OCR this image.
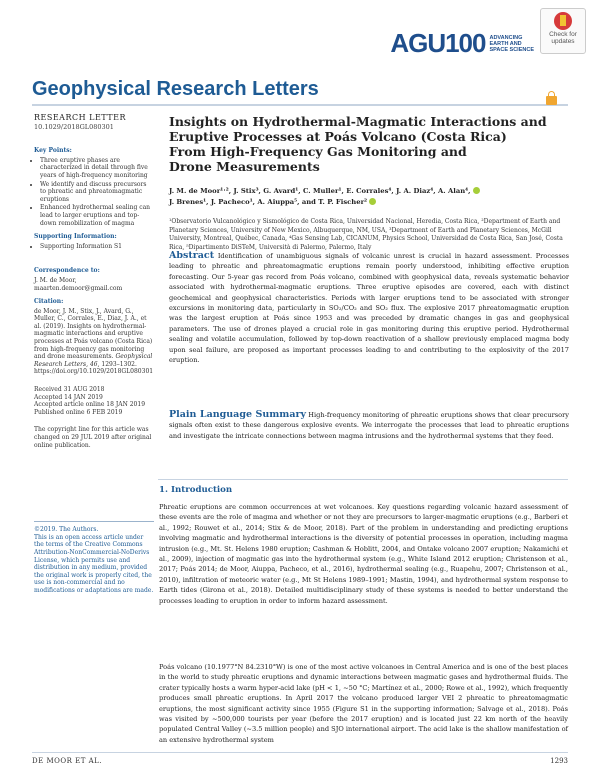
AGU100 ADVANCING
EARTH AND
SPACE SCIENCE
Check for
updates
Geophysical Research Letters
RESEARCH LETTER
10.1029/2018GL080301
Key Points:
• Three eruptive phases are characterized in detail through five years of high-frequency monitoring
• We identify and discuss precursors to phreatic and phreatomagmatic eruptions
• Enhanced hydrothermal sealing can lead to larger eruptions and top-down remobilization of magma
Supporting Information:
• Supporting Information S1
Correspondence to:
J. M. de Moor,
maarten.demoor@gmail.com
Citation:
de Moor, J. M., Stix, J., Avard, G., Muller, C., Corrales, E., Diaz, J. A., et al. (2019). Insights on hydrothermal-magmatic interactions and eruptive processes at Poás volcano (Costa Rica) from high-frequency gas monitoring and drone measurements. Geophysical Research Letters, 46, 1293–1302. https://doi.org/10.1029/2018GL080301
Received 31 AUG 2018
Accepted 14 JAN 2019
Accepted article online 18 JAN 2019
Published online 6 FEB 2019
The copyright line for this article was changed on 29 JUL 2019 after original online publication.
©2019. The Authors.
This is an open access article under the terms of the Creative Commons Attribution-NonCommercial-NoDerivs License, which permits use and distribution in any medium, provided the original work is properly cited, the use is non-commercial and no modifications or adaptations are made.
Insights on Hydrothermal-Magmatic Interactions and
Eruptive Processes at Poás Volcano (Costa Rica)
From High-Frequency Gas Monitoring and
Drone Measurements
J. M. de Moor¹˒², J. Stix³, G. Avard¹, C. Muller¹, E. Corrales⁴, J. A. Diaz⁴, A. Alan⁴,
J. Brenes¹, J. Pacheco¹, A. Aiuppa⁵, and T. P. Fischer²
¹Observatorio Vulcanológico y Sismológico de Costa Rica, Universidad Nacional, Heredia, Costa Rica, ²Department of Earth and Planetary Sciences, University of New Mexico, Albuquerque, NM, USA, ³Department of Earth and Planetary Sciences, McGill University, Montreal, Québec, Canada, ⁴Gas Sensing Lab, CICANUM, Physics School, Universidad de Costa Rica, San José, Costa Rica, ⁵Dipartimento DiSTeM, Università di Palermo, Palermo, Italy
Abstract Identification of unambiguous signals of volcanic unrest is crucial in hazard assessment. Processes leading to phreatic and phreatomagmatic eruptions remain poorly understood, inhibiting effective eruption forecasting. Our 5-year gas record from Poás volcano, combined with geophysical data, reveals systematic behavior associated with hydrothermal-magmatic eruptions. Three eruptive episodes are covered, each with distinct geochemical and geophysical characteristics. Periods with larger eruptions tend to be associated with stronger excursions in monitoring data, particularly in SO₂/CO₂ and SO₂ flux. The explosive 2017 phreatomagmatic eruption was the largest eruption at Poás since 1953 and was preceded by dramatic changes in gas and geophysical parameters. The use of drones played a crucial role in gas monitoring during this eruptive period. Hydrothermal sealing and volatile accumulation, followed by top-down reactivation of a shallow previously emplaced magma body upon seal failure, are proposed as important processes leading to and contributing to the explosivity of the 2017 eruption.
Plain Language Summary High-frequency monitoring of phreatic eruptions shows that clear precursory signals often exist to these dangerous explosive events. We interrogate the processes that lead to phreatic eruptions and investigate the intricate connections between magma intrusions and the hydrothermal systems that they feed.
1. Introduction
Phreatic eruptions are common occurrences at wet volcanoes. Key questions regarding volcanic hazard assessment of these events are the role of magma and whether or not they are precursors to larger-magmatic eruptions (e.g., Barberi et al., 1992; Rouwet et al., 2014; Stix & de Moor, 2018). Part of the problem in understanding and predicting eruptions involving magmatic and hydrothermal interactions is the diversity of potential processes in operation, including magma intrusion (e.g., Mt. St. Helens 1980 eruption; Cashman & Hoblitt, 2004, and Ontake volcano 2007 eruption; Nakamichi et al., 2009), injection of magmatic gas into the hydrothermal system (e.g., White Island 2012 eruption; Christenson et al., 2017; Poás 2014; de Moor, Aiuppa, Pacheco, et al., 2016), hydrothermal sealing (e.g., Ruapehu, 2007; Christenson et al., 2010), infiltration of meteoric water (e.g., Mt St Helens 1989–1991; Mastin, 1994), and hydrothermal system response to Earth tides (Girona et al., 2018). Detailed multidisciplinary study of these systems is needed to better understand the processes leading to eruption in order to inform hazard assessment.
Poás volcano (10.1977°N 84.2310°W) is one of the most active volcanoes in Central America and is one of the best places in the world to study phreatic eruptions and dynamic interactions between magmatic gases and hydrothermal fluids. The crater typically hosts a warm hyper-acid lake (pH < 1, ~50 °C; Martínez et al., 2000; Rowe et al., 1992), which frequently produces small phreatic eruptions. In April 2017 the volcano produced larger VEI 2 phreatic to phreatomagmatic eruptions, the most significant activity since 1955 (Figure S1 in the supporting information; Salvage et al., 2018). Poás was visited by ~500,000 tourists per year (before the 2017 eruption) and is located just 22 km north of the heavily populated Central Valley (~3.5 million people) and SJO international airport. The acid lake is the shallow manifestation of an extensive hydrothermal system
DE MOOR ET AL.	1293
